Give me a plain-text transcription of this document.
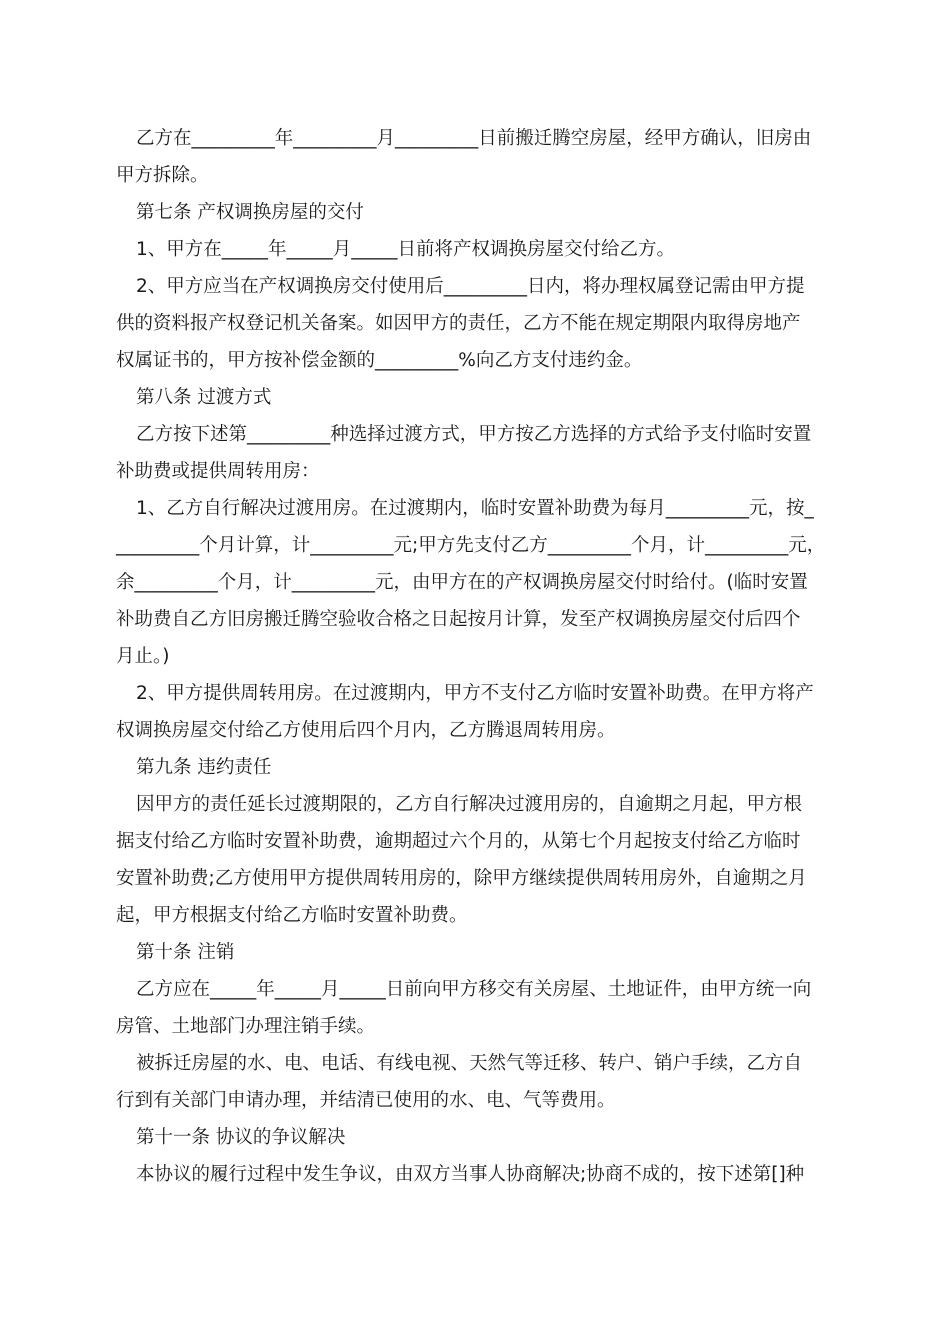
乙方在_________年_________月_________日前搬迁腾空房屋，经甲方确认，旧房由
甲方拆除。
第七条 产权调换房屋的交付
1、甲方在_____年_____月_____日前将产权调换房屋交付给乙方。
2、甲方应当在产权调换房交付使用后_________日内，将办理权属登记需由甲方提
供的资料报产权登记机关备案。如因甲方的责任，乙方不能在规定期限内取得房地产
权属证书的，甲方按补偿金额的_________%向乙方支付违约金。
第八条 过渡方式
乙方按下述第_________种选择过渡方式，甲方按乙方选择的方式给予支付临时安置
补助费或提供周转用房：
1、乙方自行解决过渡用房。在过渡期内，临时安置补助费为每月_________元，按_
_________个月计算，计_________元;甲方先支付乙方_________个月，计_________元，
余_________个月，计_________元，由甲方在的产权调换房屋交付时给付。(临时安置
补助费自乙方旧房搬迁腾空验收合格之日起按月计算，发至产权调换房屋交付后四个
月止。)
2、甲方提供周转用房。在过渡期内，甲方不支付乙方临时安置补助费。在甲方将产
权调换房屋交付给乙方使用后四个月内，乙方腾退周转用房。
第九条 违约责任
因甲方的责任延长过渡期限的，乙方自行解决过渡用房的，自逾期之月起，甲方根
据支付给乙方临时安置补助费，逾期超过六个月的，从第七个月起按支付给乙方临时
安置补助费;乙方使用甲方提供周转用房的，除甲方继续提供周转用房外，自逾期之月
起，甲方根据支付给乙方临时安置补助费。
第十条 注销
乙方应在_____年_____月_____日前向甲方移交有关房屋、土地证件，由甲方统一向
房管、土地部门办理注销手续。
被拆迁房屋的水、电、电话、有线电视、天然气等迁移、转户、销户手续，乙方自
行到有关部门申请办理，并结清已使用的水、电、气等费用。
第十一条 协议的争议解决
本协议的履行过程中发生争议，由双方当事人协商解决;协商不成的，按下述第[]种
